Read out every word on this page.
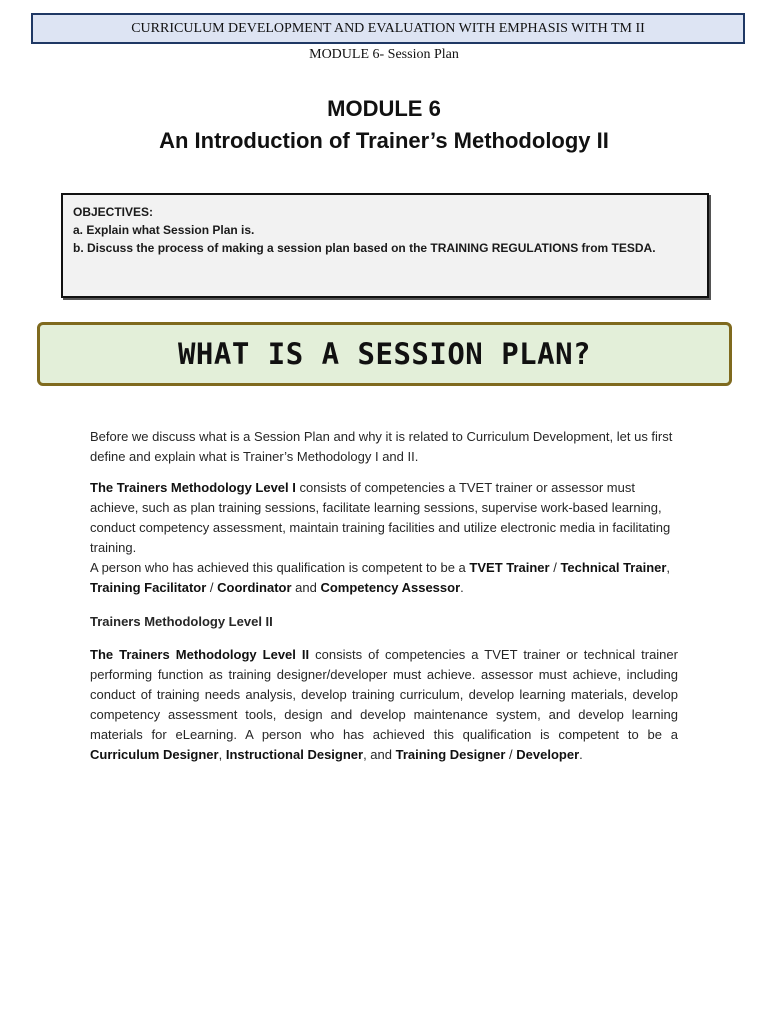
CURRICULUM DEVELOPMENT AND EVALUATION WITH EMPHASIS WITH TM II
MODULE 6- Session Plan
MODULE 6
An Introduction of Trainer’s Methodology II
OBJECTIVES:
a. Explain what Session Plan is.
b. Discuss the process of making a session plan based on the TRAINING REGULATIONS from TESDA.
WHAT IS A SESSION PLAN?
Before we discuss what is a Session Plan and why it is related to Curriculum Development, let us first define and explain what is Trainer’s Methodology I and II.
The Trainers Methodology Level I consists of competencies a TVET trainer or assessor must achieve, such as plan training sessions, facilitate learning sessions, supervise work-based learning, conduct competency assessment, maintain training facilities and utilize electronic media in facilitating training.
A person who has achieved this qualification is competent to be a TVET Trainer / Technical Trainer, Training Facilitator / Coordinator and Competency Assessor.
Trainers Methodology Level II
The Trainers Methodology Level II consists of competencies a TVET trainer or technical trainer performing function as training designer/developer must achieve. assessor must achieve, including conduct of training needs analysis, develop training curriculum, develop learning materials, develop competency assessment tools, design and develop maintenance system, and develop learning materials for eLearning. A person who has achieved this qualification is competent to be a Curriculum Designer, Instructional Designer, and Training Designer / Developer.
